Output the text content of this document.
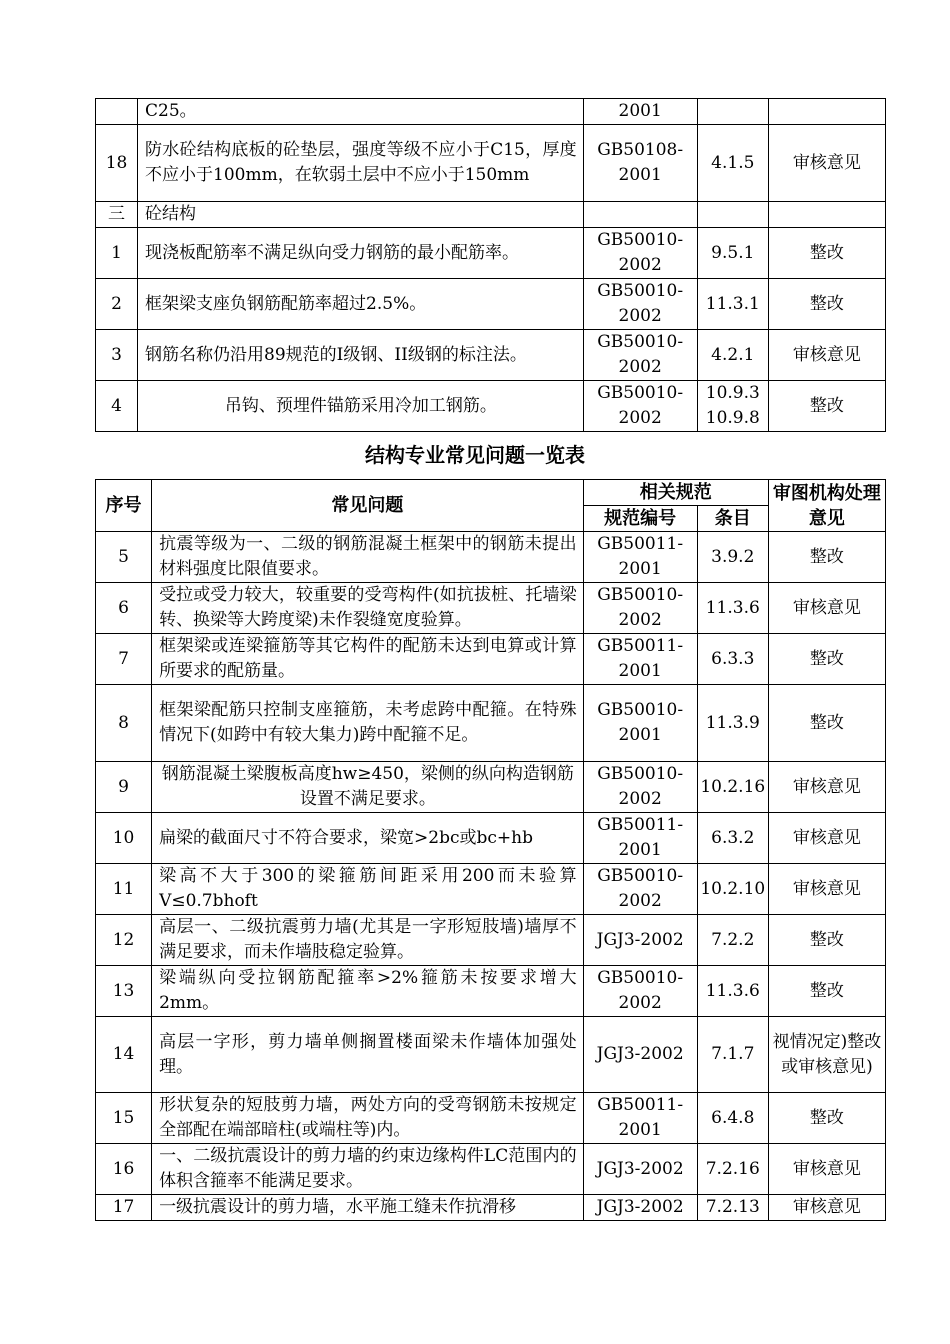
	C25。	2001		
18	防水砼结构底板的砼垫层，强度等级不应小于C15，厚度不应小于100mm，在软弱土层中不应小于150mm	GB50108-2001	4.1.5	审核意见
三	砼结构			
1	现浇板配筋率不满足纵向受力钢筋的最小配筋率。	GB50010-2002	9.5.1	整改
2	框架梁支座负钢筋配筋率超过2.5%。	GB50010-2002	11.3.1	整改
3	钢筋名称仍沿用89规范的I级钢、II级钢的标注法。	GB50010-2002	4.2.1	审核意见
4	吊钩、预埋件锚筋采用冷加工钢筋。	GB50010-2002	10.9.3 10.9.8	整改
结构专业常见问题一览表
序号	常见问题	相关规范		审图机构处理意见
		规范编号	条目	
5	抗震等级为一、二级的钢筋混凝土框架中的钢筋未提出材料强度比限值要求。	GB50011-2001	3.9.2	整改
6	受拉或受力较大，较重要的受弯构件(如抗拔桩、托墙梁转、换梁等大跨度梁)未作裂缝宽度验算。	GB50010-2002	11.3.6	审核意见
7	框架梁或连梁箍筋等其它构件的配筋未达到电算或计算所要求的配筋量。	GB50011-2001	6.3.3	整改
8	框架梁配筋只控制支座箍筋，未考虑跨中配箍。在特殊情况下(如跨中有较大集力)跨中配箍不足。	GB50010-2001	11.3.9	整改
9	钢筋混凝土梁腹板高度hw≥450，梁侧的纵向构造钢筋设置不满足要求。	GB50010-2002	10.2.16	审核意见
10	扁梁的截面尺寸不符合要求，梁宽>2bc或bc+hb	GB50011-2001	6.3.2	审核意见
11	梁高不大于300的梁箍筋间距采用200而未验算V≤0.7bhoft	GB50010-2002	10.2.10	审核意见
12	高层一、二级抗震剪力墙(尤其是一字形短肢墙)墙厚不满足要求，而未作墙肢稳定验算。	JGJ3-2002	7.2.2	整改
13	梁端纵向受拉钢筋配箍率>2%箍筋未按要求增大2mm。	GB50010-2002	11.3.6	整改
14	高层一字形，剪力墙单侧搁置楼面梁未作墙体加强处理。	JGJ3-2002	7.1.7	视情况定)整改或审核意见)
15	形状复杂的短肢剪力墙，两处方向的受弯钢筋未按规定全部配在端部暗柱(或端柱等)内。	GB50011-2001	6.4.8	整改
16	一、二级抗震设计的剪力墙的约束边缘构件LC范围内的体积含箍率不能满足要求。	JGJ3-2002	7.2.16	审核意见
17	一级抗震设计的剪力墙，水平施工缝未作抗滑移	JGJ3-2002	7.2.13	审核意见
